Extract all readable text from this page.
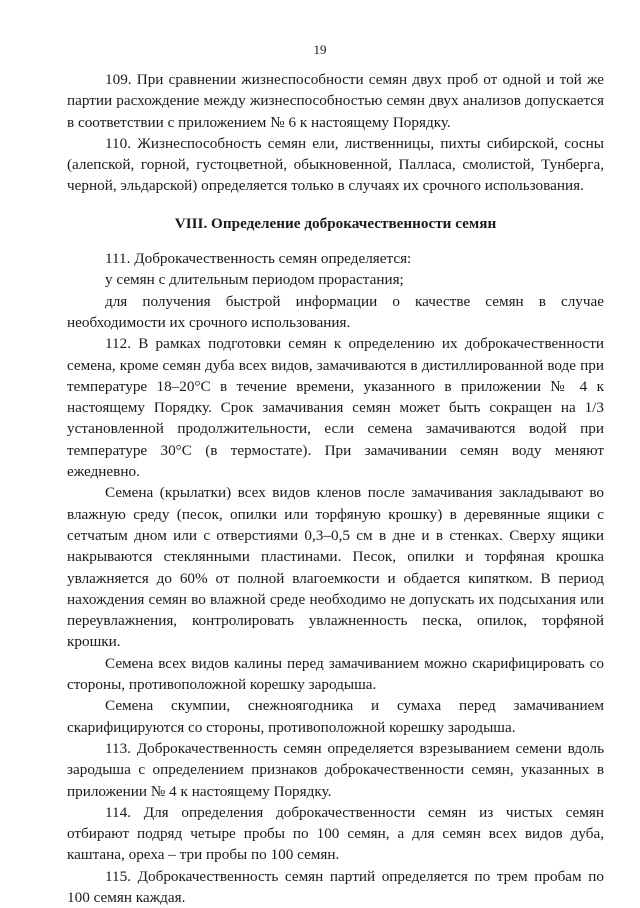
19

109. При сравнении жизнеспособности семян двух проб от одной и той же партии расхождение между жизнеспособностью семян двух анализов допускается в соответствии с приложением № 6 к настоящему Порядку.

110. Жизнеспособность семян ели, лиственницы, пихты сибирской, сосны (алепской, горной, густоцветной, обыкновенной, Палласа, смолистой, Тунберга, черной, эльдарской) определяется только в случаях их срочного использования.

VIII. Определение доброкачественности семян

111. Доброкачественность семян определяется:

у семян с длительным периодом прорастания;

для получения быстрой информации о качестве семян в случае необходимости их срочного использования.

112. В рамках подготовки семян к определению их доброкачественности семена, кроме семян дуба всех видов, замачиваются в дистиллированной воде при температуре 18–20°С в течение времени, указанного в приложении № 4 к настоящему Порядку. Срок замачивания семян может быть сокращен на 1/3 установленной продолжительности, если семена замачиваются водой при температуре 30°С (в термостате). При замачивании семян воду меняют ежедневно.

Семена (крылатки) всех видов кленов после замачивания закладывают во влажную среду (песок, опилки или торфяную крошку) в деревянные ящики с сетчатым дном или с отверстиями 0,3–0,5 см в дне и в стенках. Сверху ящики накрываются стеклянными пластинами. Песок, опилки и торфяная крошка увлажняется до 60% от полной влагоемкости и обдается кипятком. В период нахождения семян во влажной среде необходимо не допускать их подсыхания или переувлажнения, контролировать увлажненность песка, опилок, торфяной крошки.

Семена всех видов калины перед замачиванием можно скарифицировать со стороны, противоположной корешку зародыша.

Семена скумпии, снежноягодника и сумаха перед замачиванием скарифицируются со стороны, противоположной корешку зародыша.

113. Доброкачественность семян определяется взрезыванием семени вдоль зародыша с определением признаков доброкачественности семян, указанных в приложении № 4 к настоящему Порядку.

114. Для определения доброкачественности семян из чистых семян отбирают подряд четыре пробы по 100 семян, а для семян всех видов дуба, каштана, ореха – три пробы по 100 семян.

115. Доброкачественность семян партий определяется по трем пробам по 100 семян каждая.
